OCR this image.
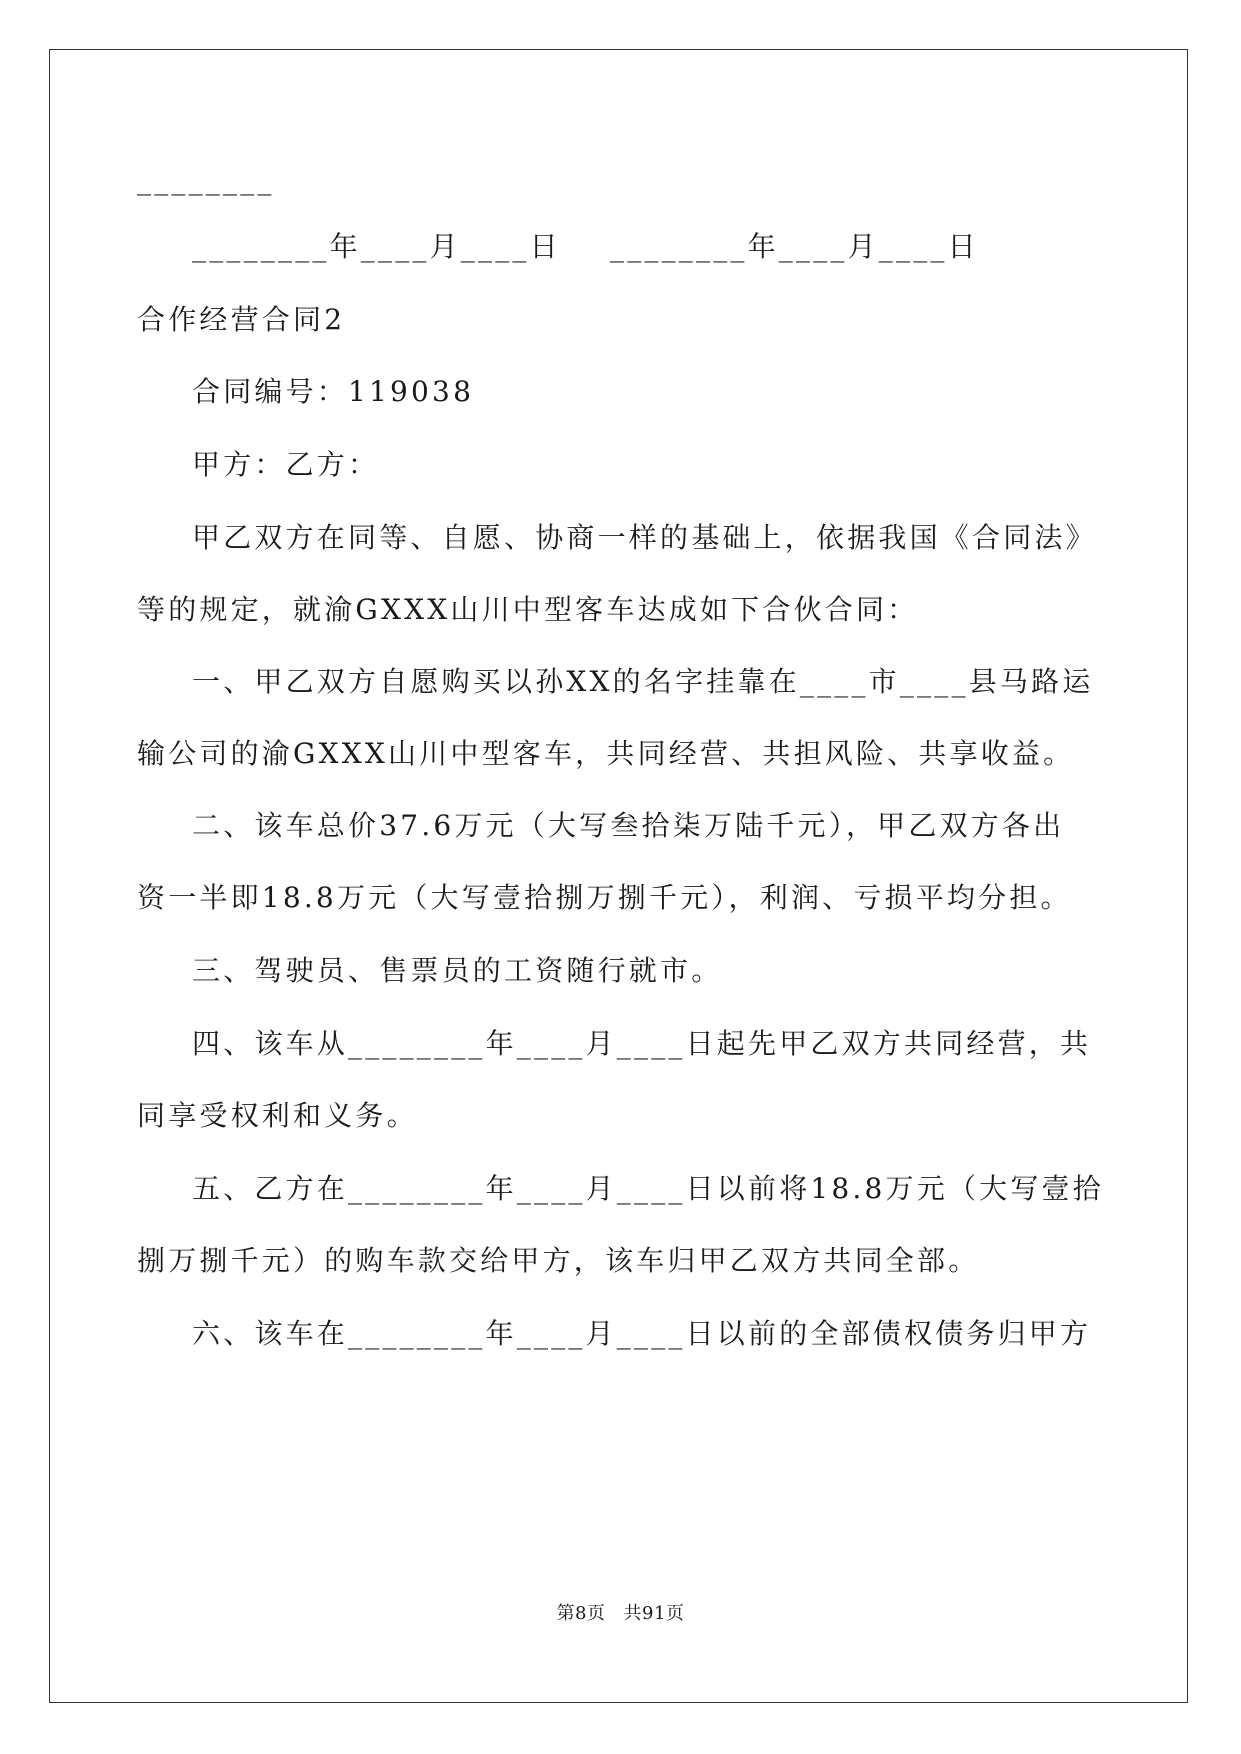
________
________年____月____日 ________年____月____日
合作经营合同2
合同编号：119038
甲方：乙方：
甲乙双方在同等、自愿、协商一样的基础上，依据我国《合同法》
等的规定，就渝GXXX山川中型客车达成如下合伙合同：
一、甲乙双方自愿购买以孙XX的名字挂靠在____市____县马路运
输公司的渝GXXX山川中型客车，共同经营、共担风险、共享收益。
二、该车总价37.6万元（大写叁拾柒万陆千元），甲乙双方各出
资一半即18.8万元（大写壹拾捌万捌千元），利润、亏损平均分担。
三、驾驶员、售票员的工资随行就市。
四、该车从________年____月____日起先甲乙双方共同经营，共
同享受权利和义务。
五、乙方在________年____月____日以前将18.8万元（大写壹拾
捌万捌千元）的购车款交给甲方，该车归甲乙双方共同全部。
六、该车在________年____月____日以前的全部债权债务归甲方
第8页 共91页
